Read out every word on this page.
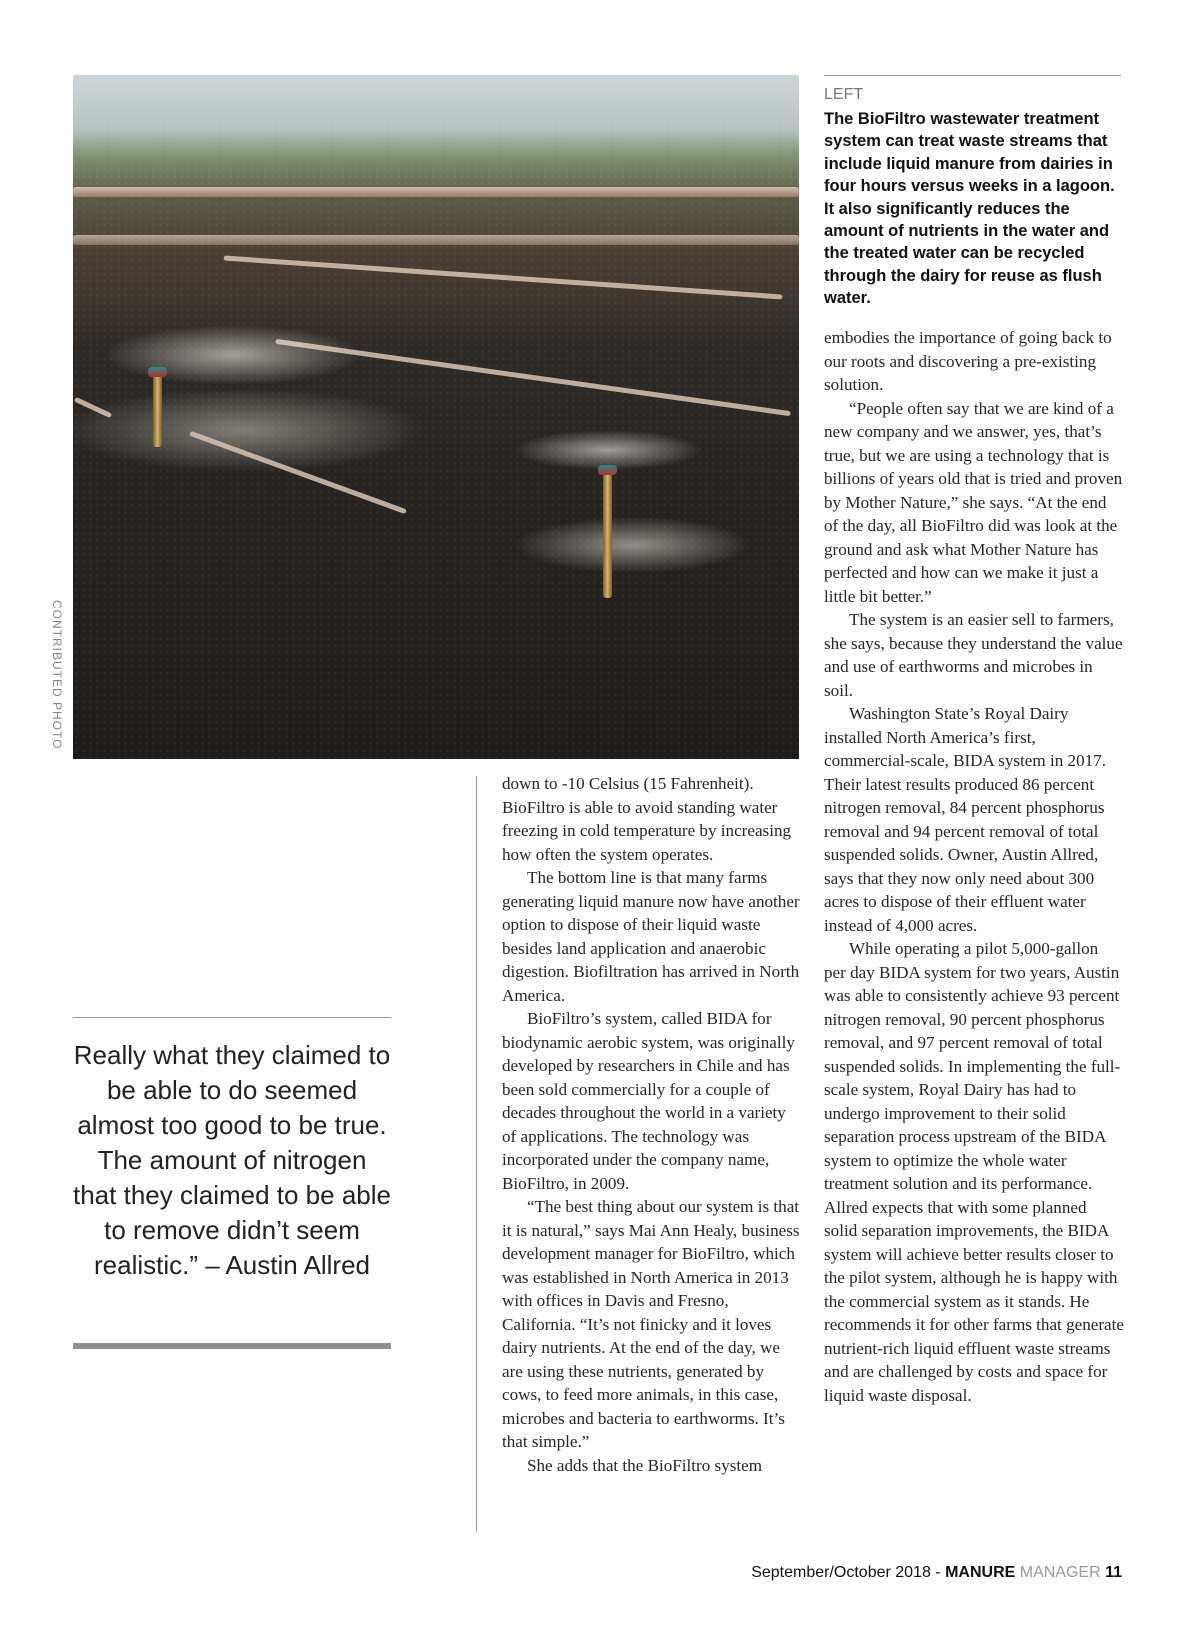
CONTRIBUTED PHOTO
LEFT

The BioFiltro wastewater treatment system can treat waste streams that include liquid manure from dairies in four hours versus weeks in a lagoon. It also significantly reduces the amount of nutrients in the water and the treated water can be recycled through the dairy for reuse as flush water.

Really what they claimed to be able to do seemed almost too good to be true. The amount of nitrogen that they claimed to be able to remove didn’t seem realistic.” – Austin Allred

down to -10 Celsius (15 Fahrenheit). BioFiltro is able to avoid standing water freezing in cold temperature by increasing how often the system operates.

The bottom line is that many farms generating liquid manure now have another option to dispose of their liquid waste besides land application and anaerobic digestion. Biofiltration has arrived in North America.

BioFiltro’s system, called BIDA for biodynamic aerobic system, was originally developed by researchers in Chile and has been sold commercially for a couple of decades throughout the world in a variety of applications. The technology was incorporated under the company name, BioFiltro, in 2009.

“The best thing about our system is that it is natural,” says Mai Ann Healy, business development manager for BioFiltro, which was established in North America in 2013 with offices in Davis and Fresno, California. “It’s not finicky and it loves dairy nutrients. At the end of the day, we are using these nutrients, generated by cows, to feed more animals, in this case, microbes and bacteria to earthworms. It’s that simple.”

She adds that the BioFiltro system

embodies the importance of going back to our roots and discovering a pre-existing solution.

“People often say that we are kind of a new company and we answer, yes, that’s true, but we are using a technology that is billions of years old that is tried and proven by Mother Nature,” she says. “At the end of the day, all BioFiltro did was look at the ground and ask what Mother Nature has perfected and how can we make it just a little bit better.”

The system is an easier sell to farmers, she says, because they understand the value and use of earthworms and microbes in soil.

Washington State’s Royal Dairy installed North America’s first, commercial-scale, BIDA system in 2017. Their latest results produced 86 percent nitrogen removal, 84 percent phosphorus removal and 94 percent removal of total suspended solids. Owner, Austin Allred, says that they now only need about 300 acres to dispose of their effluent water instead of 4,000 acres.

While operating a pilot 5,000-gallon per day BIDA system for two years, Austin was able to consistently achieve 93 percent nitrogen removal, 90 percent phosphorus removal, and 97 percent removal of total suspended solids. In implementing the full-scale system, Royal Dairy has had to undergo improvement to their solid separation process upstream of the BIDA system to optimize the whole water treatment solution and its performance. Allred expects that with some planned solid separation improvements, the BIDA system will achieve better results closer to the pilot system, although he is happy with the commercial system as it stands. He recommends it for other farms that generate nutrient-rich liquid effluent waste streams and are challenged by costs and space for liquid waste disposal.

September/October 2018 - MANURE MANAGER 11
